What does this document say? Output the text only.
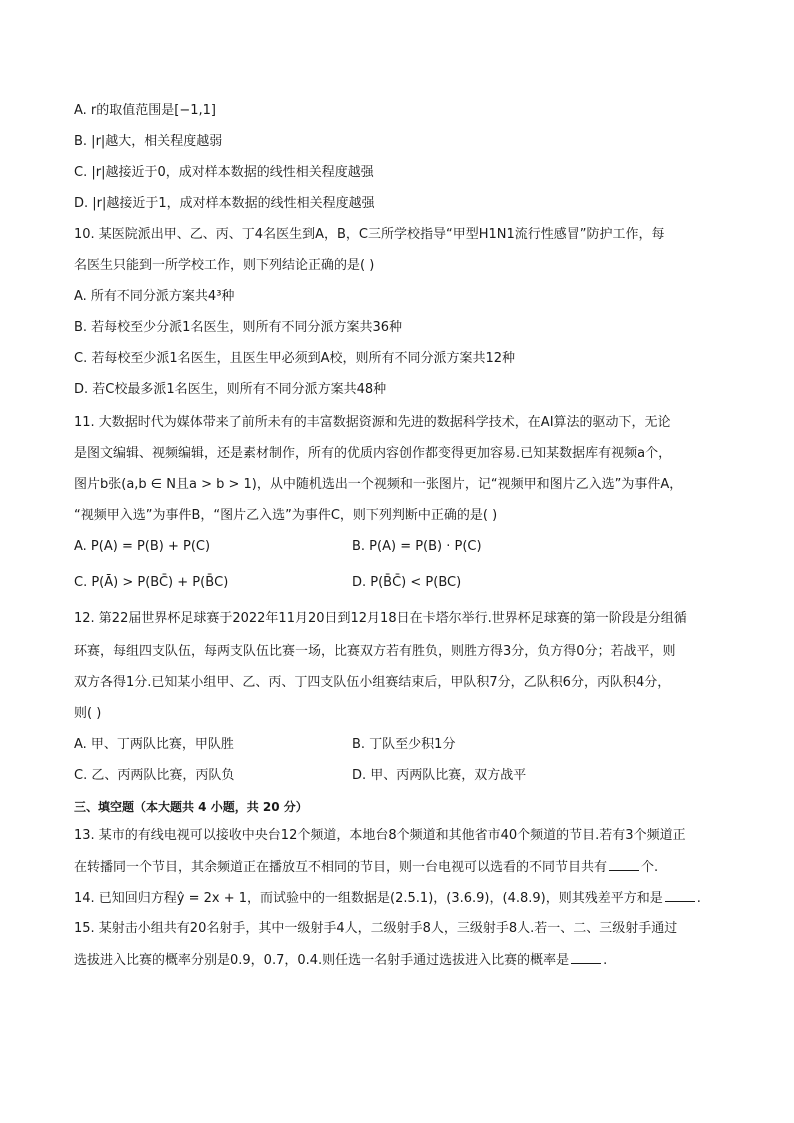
A. r的取值范围是[−1,1]
B. |r|越大，相关程度越弱
C. |r|越接近于0，成对样本数据的线性相关程度越强
D. |r|越接近于1，成对样本数据的线性相关程度越强
10. 某医院派出甲、乙、丙、丁4名医生到A，B，C三所学校指导“甲型H1N1流行性感冒”防护工作，每
名医生只能到一所学校工作，则下列结论正确的是( )
A. 所有不同分派方案共4³种
B. 若每校至少分派1名医生，则所有不同分派方案共36种
C. 若每校至少派1名医生，且医生甲必须到A校，则所有不同分派方案共12种
D. 若C校最多派1名医生，则所有不同分派方案共48种
11. 大数据时代为媒体带来了前所未有的丰富数据资源和先进的数据科学技术，在AI算法的驱动下，无论
是图文编辑、视频编辑，还是素材制作，所有的优质内容创作都变得更加容易.已知某数据库有视频a个，
图片b张(a,b ∈ N且a > b > 1)，从中随机选出一个视频和一张图片，记“视频甲和图片乙入选”为事件A，
“视频甲入选”为事件B，“图片乙入选”为事件C，则下列判断中正确的是( )
A. P(A) = P(B) + P(C)	B. P(A) = P(B) · P(C)
C. P(Ā) > P(BC̄) + P(B̄C)	D. P(B̄C̄) < P(BC)
12. 第22届世界杯足球赛于2022年11月20日到12月18日在卡塔尔举行.世界杯足球赛的第一阶段是分组循
环赛，每组四支队伍，每两支队伍比赛一场，比赛双方若有胜负，则胜方得3分，负方得0分；若战平，则
双方各得1分.已知某小组甲、乙、丙、丁四支队伍小组赛结束后，甲队积7分，乙队积6分，丙队积4分，
则( )
A. 甲、丁两队比赛，甲队胜	B. 丁队至少积1分
C. 乙、丙两队比赛，丙队负	D. 甲、丙两队比赛，双方战平
三、填空题（本大题共 4 小题，共 20 分）
13. 某市的有线电视可以接收中央台12个频道，本地台8个频道和其他省市40个频道的节目.若有3个频道正
在转播同一个节目，其余频道正在播放互不相同的节目，则一台电视可以选看的不同节目共有	个.
14. 已知回归方程ŷ = 2x + 1，而试验中的一组数据是(2.5.1)，(3.6.9)，(4.8.9)，则其残差平方和是	.
15. 某射击小组共有20名射手，其中一级射手4人，二级射手8人，三级射手8人.若一、二、三级射手通过
选拔进入比赛的概率分别是0.9，0.7，0.4.则任选一名射手通过选拔进入比赛的概率是	.
